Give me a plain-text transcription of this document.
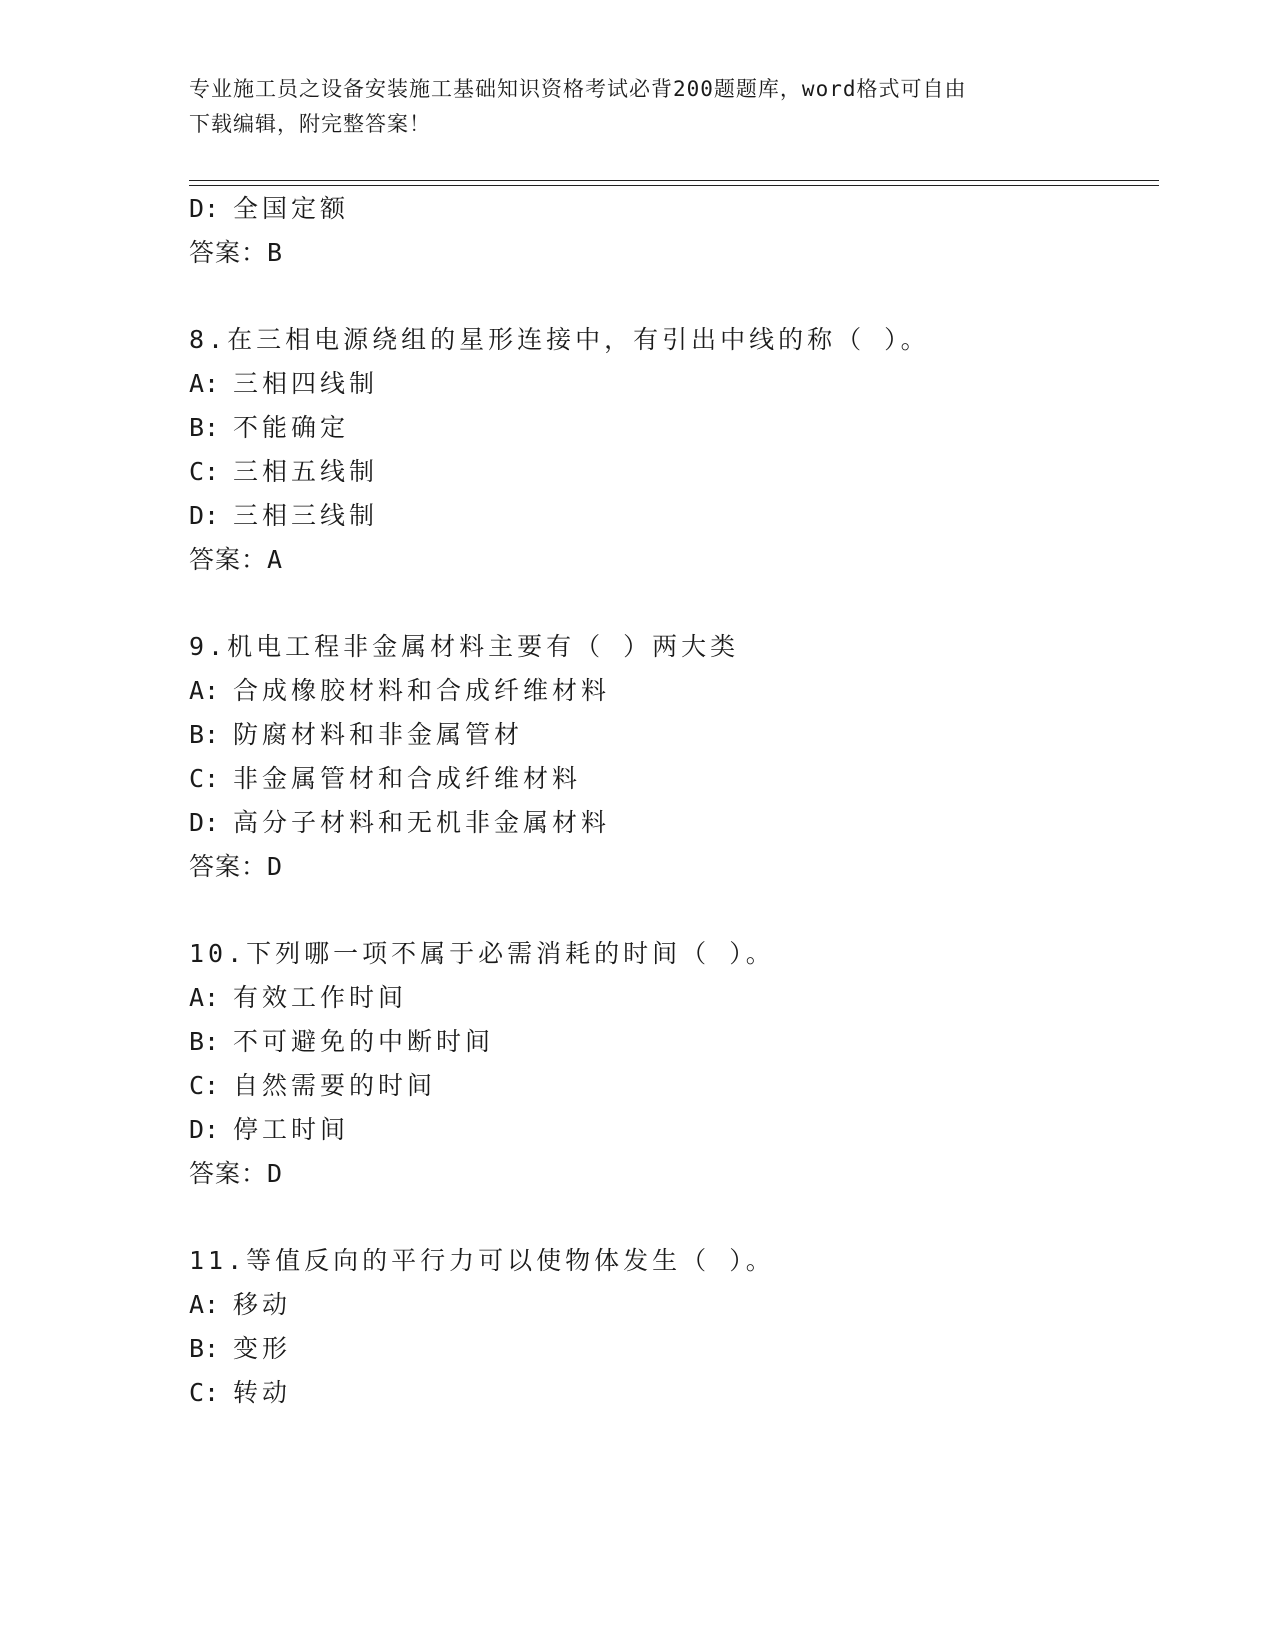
专业施工员之设备安装施工基础知识资格考试必背200题题库，word格式可自由
下载编辑，附完整答案！

D: 全国定额

答案：B

8.在三相电源绕组的星形连接中，有引出中线的称（ ）。

A: 三相四线制

B: 不能确定

C: 三相五线制

D: 三相三线制

答案：A

9.机电工程非金属材料主要有（ ）两大类

A: 合成橡胶材料和合成纤维材料

B: 防腐材料和非金属管材

C: 非金属管材和合成纤维材料

D: 高分子材料和无机非金属材料

答案：D

10.下列哪一项不属于必需消耗的时间（ ）。

A: 有效工作时间

B: 不可避免的中断时间

C: 自然需要的时间

D: 停工时间

答案：D

11.等值反向的平行力可以使物体发生（ ）。

A: 移动

B: 变形

C: 转动
